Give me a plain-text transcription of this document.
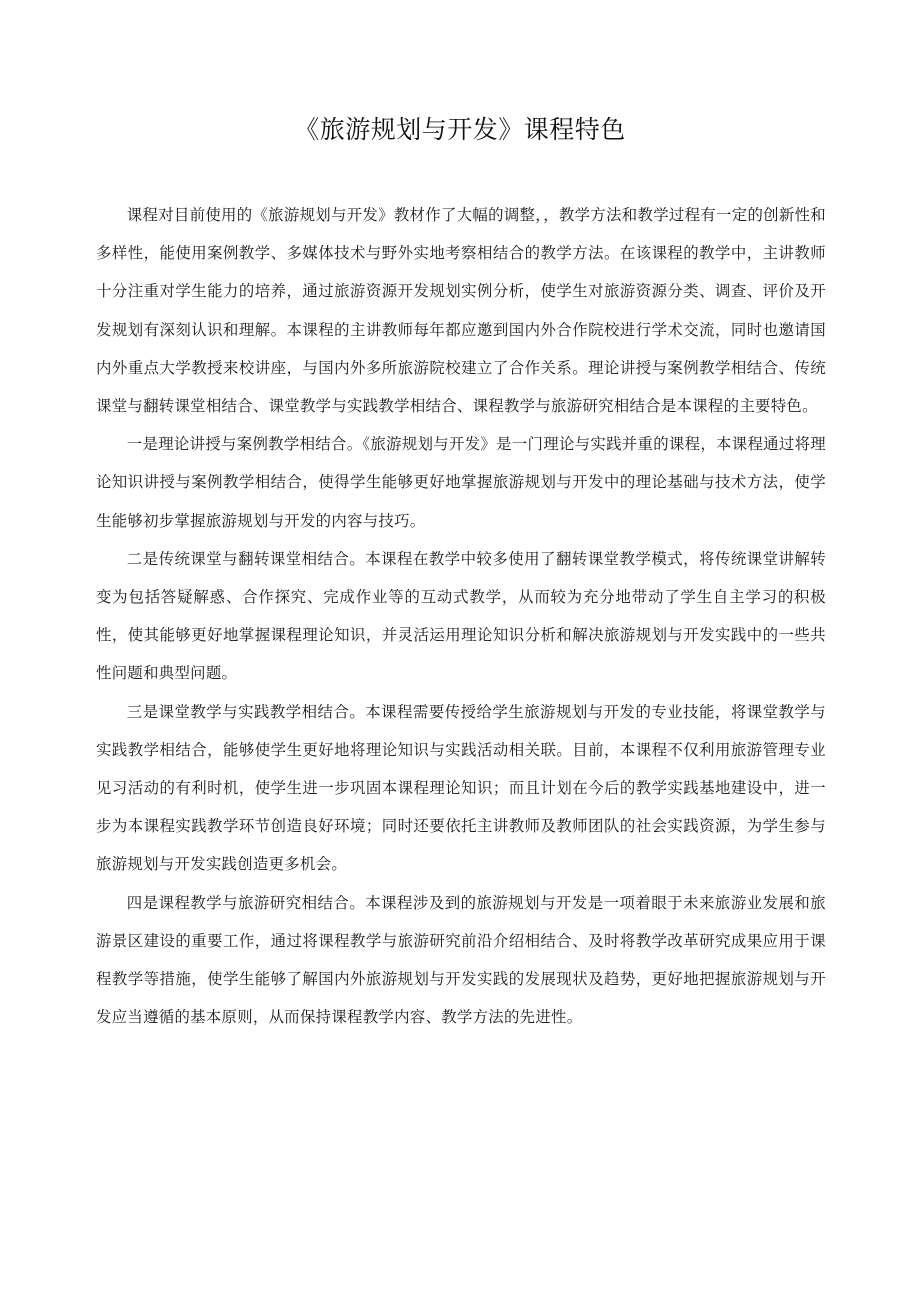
《旅游规划与开发》课程特色

课程对目前使用的《旅游规划与开发》教材作了大幅的调整，，教学方法和教学过程有一定的创新性和多样性，能使用案例教学、多媒体技术与野外实地考察相结合的教学方法。在该课程的教学中，主讲教师十分注重对学生能力的培养，通过旅游资源开发规划实例分析，使学生对旅游资源分类、调查、评价及开发规划有深刻认识和理解。本课程的主讲教师每年都应邀到国内外合作院校进行学术交流，同时也邀请国内外重点大学教授来校讲座，与国内外多所旅游院校建立了合作关系。理论讲授与案例教学相结合、传统课堂与翻转课堂相结合、课堂教学与实践教学相结合、课程教学与旅游研究相结合是本课程的主要特色。

一是理论讲授与案例教学相结合。《旅游规划与开发》是一门理论与实践并重的课程，本课程通过将理论知识讲授与案例教学相结合，使得学生能够更好地掌握旅游规划与开发中的理论基础与技术方法，使学生能够初步掌握旅游规划与开发的内容与技巧。

二是传统课堂与翻转课堂相结合。本课程在教学中较多使用了翻转课堂教学模式，将传统课堂讲解转变为包括答疑解惑、合作探究、完成作业等的互动式教学，从而较为充分地带动了学生自主学习的积极性，使其能够更好地掌握课程理论知识，并灵活运用理论知识分析和解决旅游规划与开发实践中的一些共性问题和典型问题。

三是课堂教学与实践教学相结合。本课程需要传授给学生旅游规划与开发的专业技能，将课堂教学与实践教学相结合，能够使学生更好地将理论知识与实践活动相关联。目前，本课程不仅利用旅游管理专业见习活动的有利时机，使学生进一步巩固本课程理论知识；而且计划在今后的教学实践基地建设中，进一步为本课程实践教学环节创造良好环境；同时还要依托主讲教师及教师团队的社会实践资源，为学生参与旅游规划与开发实践创造更多机会。

四是课程教学与旅游研究相结合。本课程涉及到的旅游规划与开发是一项着眼于未来旅游业发展和旅游景区建设的重要工作，通过将课程教学与旅游研究前沿介绍相结合、及时将教学改革研究成果应用于课程教学等措施，使学生能够了解国内外旅游规划与开发实践的发展现状及趋势，更好地把握旅游规划与开发应当遵循的基本原则，从而保持课程教学内容、教学方法的先进性。
